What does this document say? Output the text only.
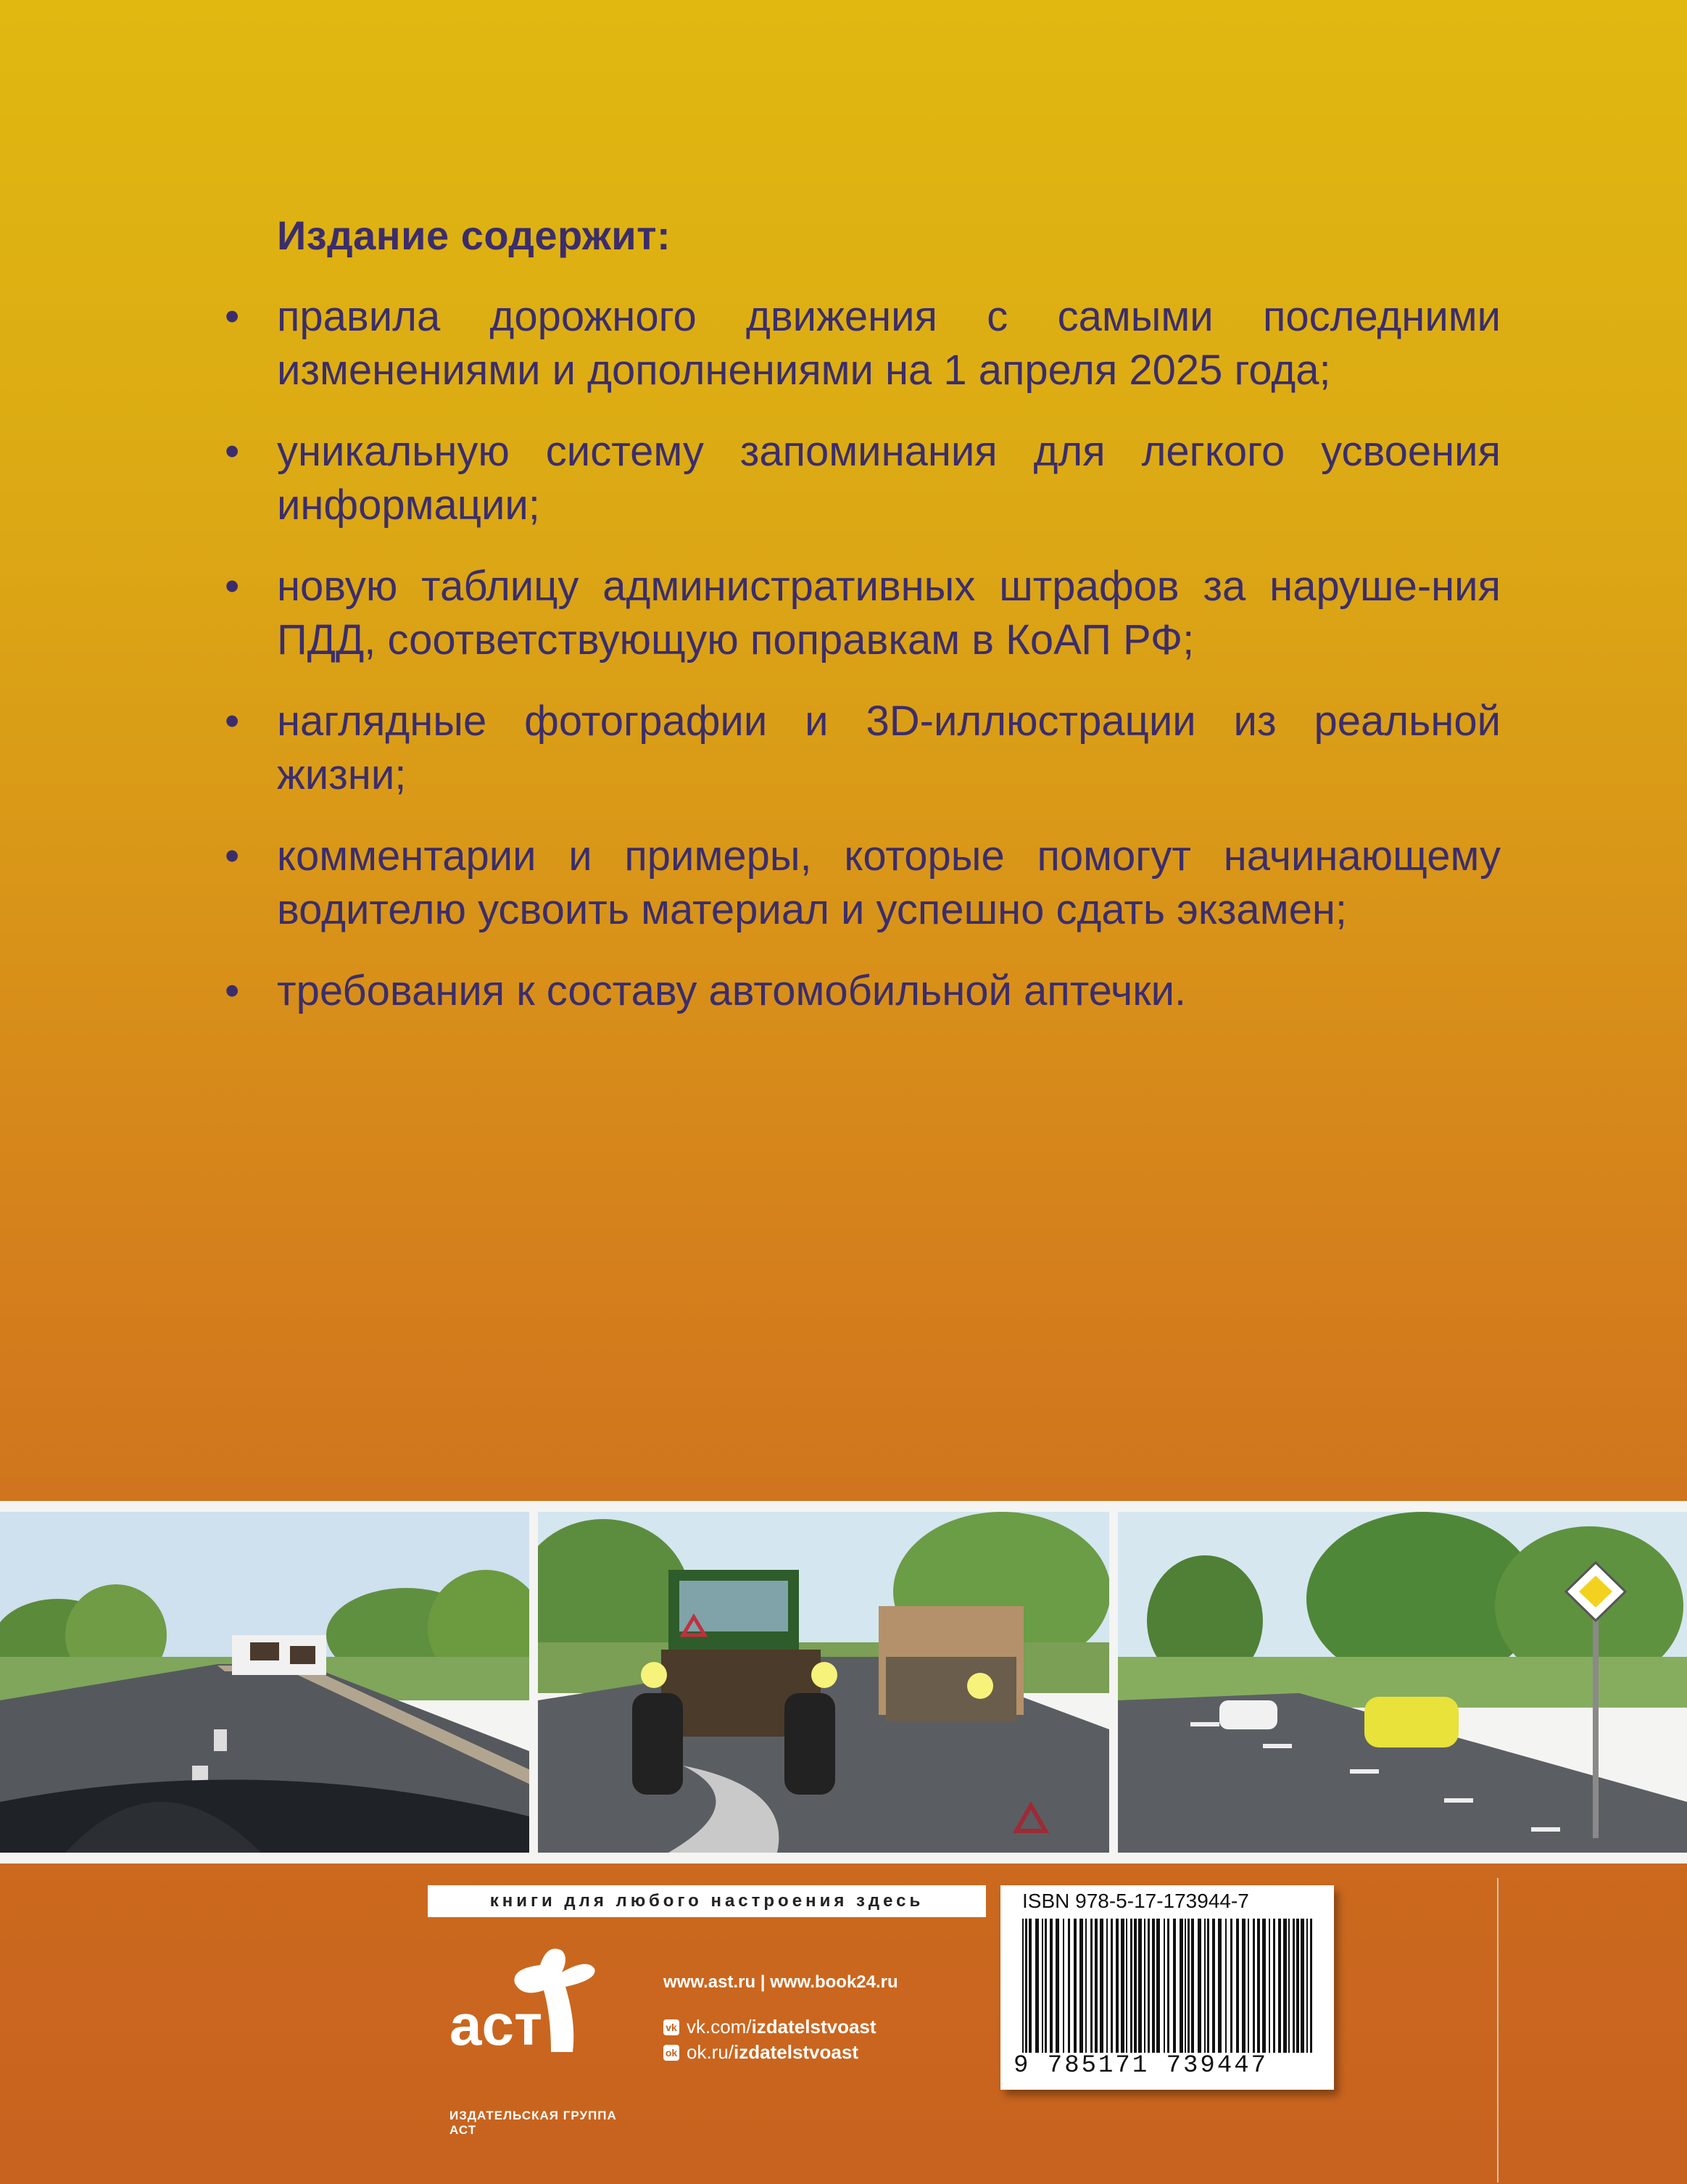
Издание содержит:
• правила дорожного движения с самыми последними изменениями и дополнениями на 1 апреля 2025 года;
• уникальную систему запоминания для легкого усвоения информации;
• новую таблицу административных штрафов за наруше-ния ПДД, соответствующую поправкам в КоАП РФ;
• наглядные фотографии и 3D-иллюстрации из реальной жизни;
• комментарии и примеры, которые помогут начинающему водителю усвоить материал и успешно сдать экзамен;
• требования к составу автомобильной аптечки.
книги для любого настроения здесь
аст
ИЗДАТЕЛЬСКАЯ ГРУППА АСТ
www.ast.ru | www.book24.ru
vk vk.com/ izdatelstvoast
ok ok.ru/ izdatelstvoast
ISBN 978-5-17-173944-7
9 785171 739447
